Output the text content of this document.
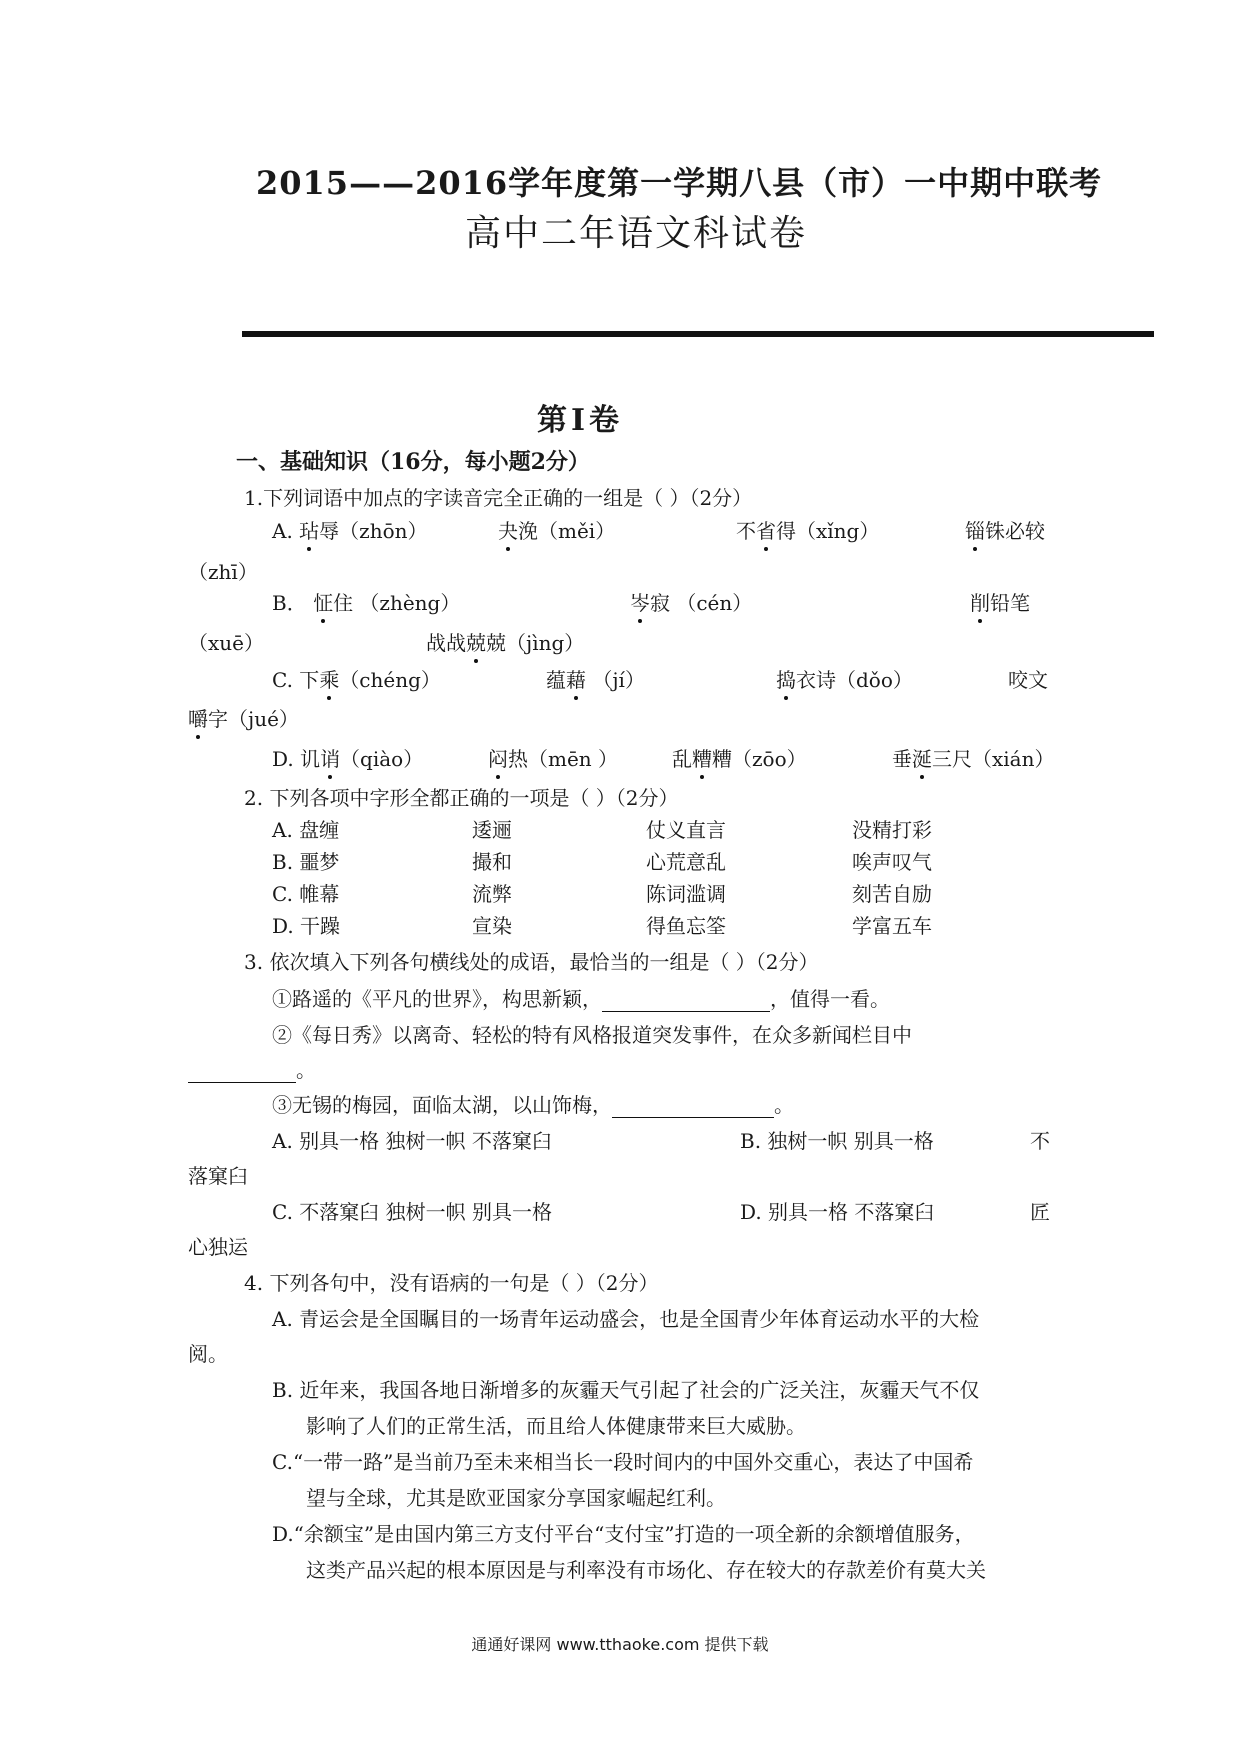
2015——2016学年度第一学期八县（市）一中期中联考
高中二年语文科试卷
第Ⅰ卷
一、基础知识（16分，每小题2分）
1.下列词语中加点的字读音完全正确的一组是（ ）（2分）
A. 玷辱（zhōn）	夬浼（měi）	不省得（xǐng）	锱铢必较
（zhī）
B． 怔住 （zhèng）	岑寂 （cén）	削铅笔
（xuē）	战战兢兢（jìng）
C. 下乘（chéng）	蕴藉 （jí）	捣衣诗（dǒo）	咬文
嚼字（jué）
D. 讥诮（qiào）	闷热（mēn ）	乱糟糟（zōo）	垂涎三尺（xián）
2. 下列各项中字形全都正确的一项是（ ）（2分）
A. 盘缠	逶逦	仗义直言	没精打彩
B. 噩梦	撮和	心荒意乱	唉声叹气
C. 帷幕	流弊	陈词滥调	刻苦自励
D. 干躁	宣染	得鱼忘筌	学富五车
3. 依次填入下列各句横线处的成语，最恰当的一组是（ ）（2分）
①路遥的《平凡的世界》，构思新颖，	，值得一看。
②《每日秀》以离奇、轻松的特有风格报道突发事件，在众多新闻栏目中
。
③无锡的梅园，面临太湖，以山饰梅，	。
A. 别具一格 独树一帜 不落窠臼	B. 独树一帜 别具一格	不
落窠臼
C. 不落窠臼 独树一帜 别具一格	D. 别具一格 不落窠臼	匠
心独运
4. 下列各句中，没有语病的一句是（ ）（2分）
A. 青运会是全国瞩目的一场青年运动盛会，也是全国青少年体育运动水平的大检
阅。
B. 近年来，我国各地日渐增多的灰霾天气引起了社会的广泛关注，灰霾天气不仅
影响了人们的正常生活，而且给人体健康带来巨大威胁。
C.“一带一路”是当前乃至未来相当长一段时间内的中国外交重心，表达了中国希
望与全球，尤其是欧亚国家分享国家崛起红利。
D.“余额宝”是由国内第三方支付平台“支付宝”打造的一项全新的余额增值服务，
这类产品兴起的根本原因是与利率没有市场化、存在较大的存款差价有莫大关
通通好课网 www.tthaoke.com 提供下载
